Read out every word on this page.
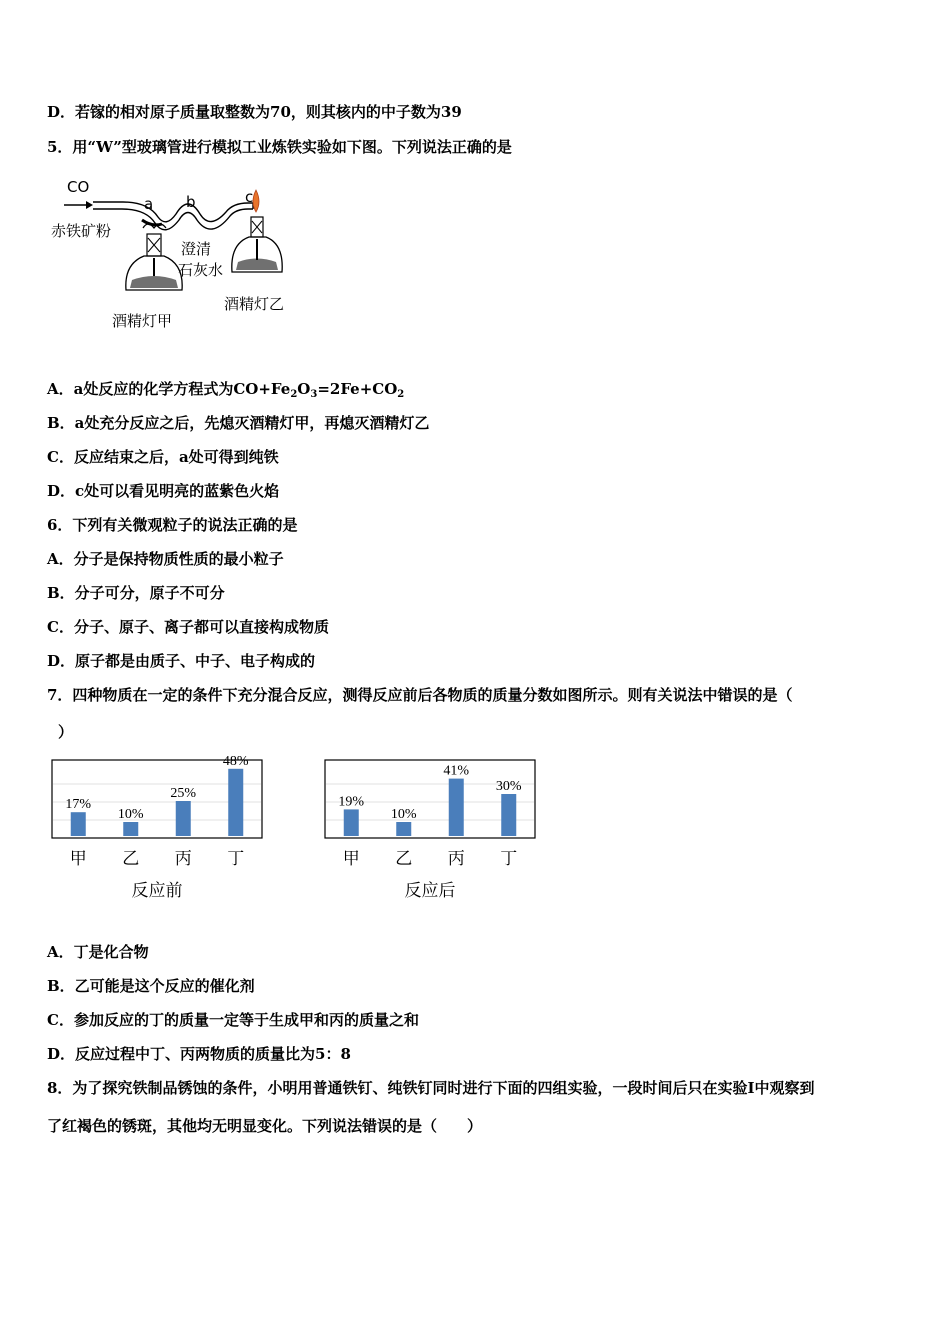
D．若镓的相对原子质量取整数为70，则其核内的中子数为39
5．用“W”型玻璃管进行模拟工业炼铁实验如下图。下列说法正确的是
CO
赤铁矿粉
a b	c
澄清
石灰水
酒精灯甲
酒精灯乙
A．a处反应的化学方程式为$CO+Fe_2O_3=2Fe+CO_2$
B．a处充分反应之后，先熄灭酒精灯甲，再熄灭酒精灯乙
C．反应结束之后，a处可得到纯铁
D．c处可以看见明亮的蓝紫色火焰
6．下列有关微观粒子的说法正确的是
A．分子是保持物质性质的最小粒子
B．分子可分，原子不可分
C．分子、原子、离子都可以直接构成物质
D．原子都是由质子、中子、电子构成的
7．四种物质在一定的条件下充分混合反应，测得反应前后各物质的质量分数如图所示。则有关说法中错误的是（
）
17%
甲
10%
乙
25%
丙
48%
丁
反应前
19%
甲
10%
乙
41%
丙
30%
丁
反应后
A．丁是化合物
B．乙可能是这个反应的催化剂
C．参加反应的丁的质量一定等于生成甲和丙的质量之和
D．反应过程中丁、丙两物质的质量比为5：8
8．为了探究铁制品锈蚀的条件，小明用普通铁钉、纯铁钉同时进行下面的四组实验，一段时间后只在实验Ⅰ中观察到
了红褐色的锈斑，其他均无明显变化。下列说法错误的是（　　）
